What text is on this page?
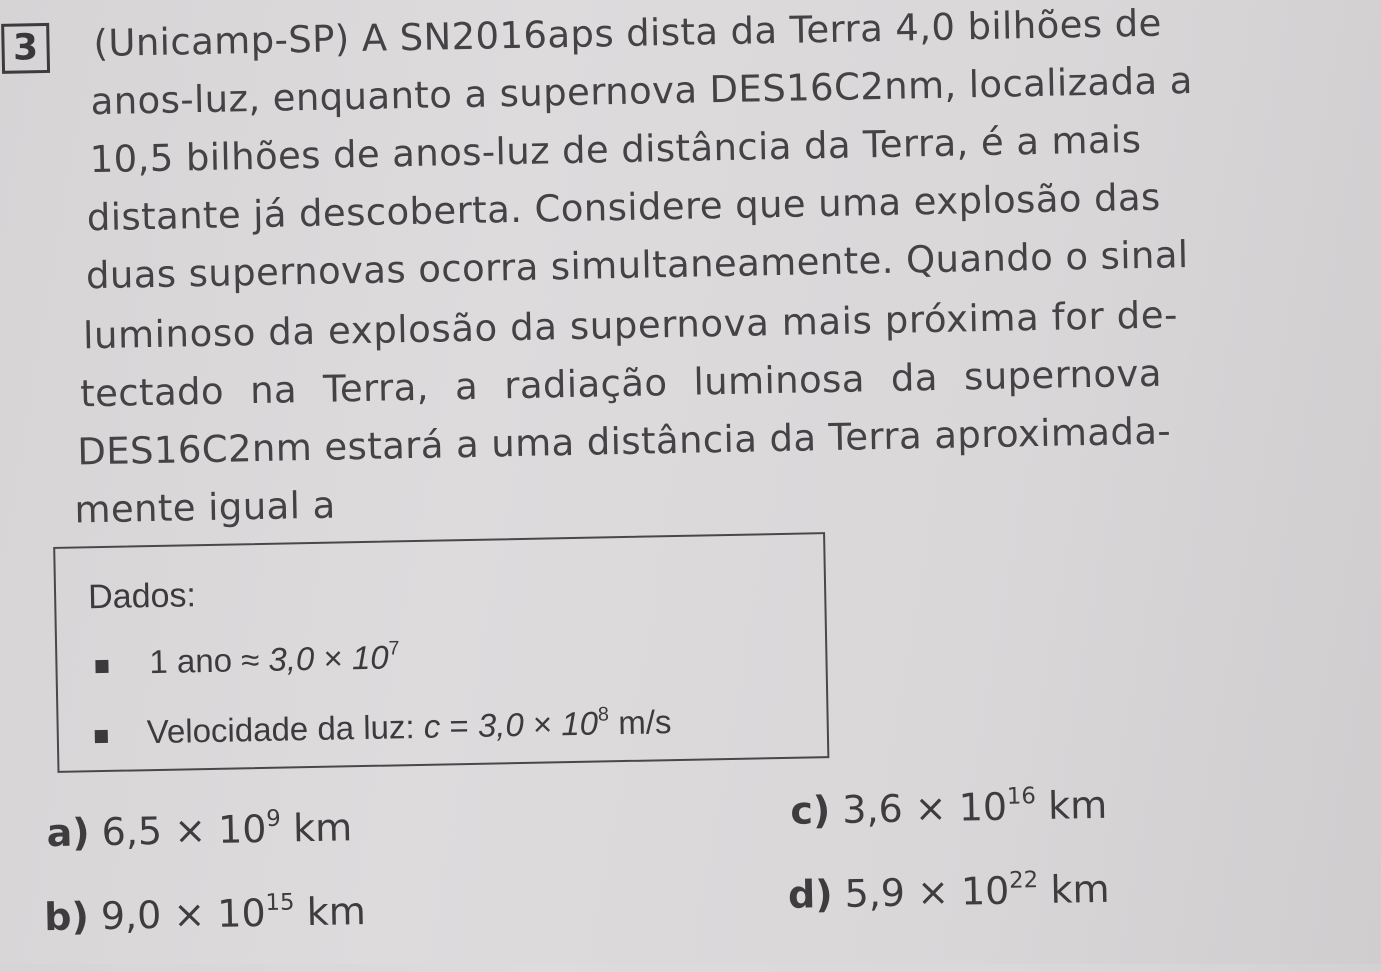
3	(Unicamp-SP) A SN2016aps dista da Terra 4,0 bilhões de
anos-luz, enquanto a supernova DES16C2nm, localizada a
10,5 bilhões de anos-luz de distância da Terra, é a mais
distante já descoberta. Considere que uma explosão das
duas supernovas ocorra simultaneamente. Quando o sinal
luminoso da explosão da supernova mais próxima for de-
tectado na Terra, a radiação luminosa da supernova
DES16C2nm estará a uma distância da Terra aproximada-
mente igual a
Dados:
1 ano ≈ $3,0 \times 10^7$
Velocidade da luz: $c = 3,0 \times 10^8$ m/s
a) $6,5 \times 10^9$ km
b) $9,0 \times 10^{15}$ km
c) $3,6 \times 10^{16}$ km
d) $5,9 \times 10^{22}$ km
